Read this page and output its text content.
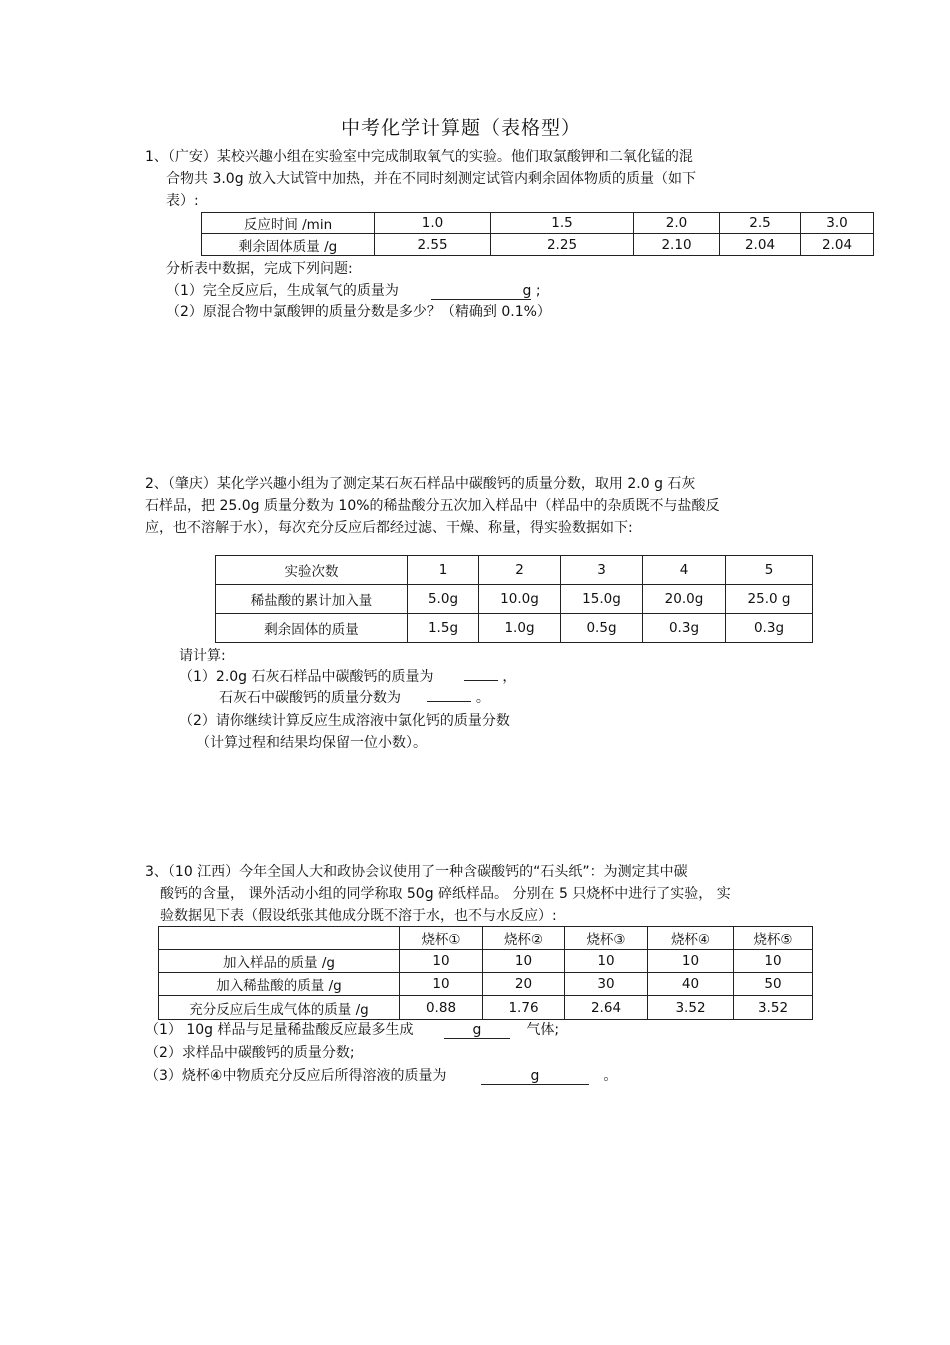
中考化学计算题（表格型）
1、（广安）某校兴趣小组在实验室中完成制取氧气的实验。他们取氯酸钾和二氧化锰的混
合物共 3.0g 放入大试管中加热，并在不同时刻测定试管内剩余固体物质的质量（如下
表）:
反应时间 /min	1.0	1.5	2.0	2.5	3.0
剩余固体质量 /g	2.55	2.25	2.10	2.04	2.04
分析表中数据，完成下列问题:
（1）完全反应后，生成氧气的质量为	g ;
（2）原混合物中氯酸钾的质量分数是多少？（精确到 0.1%）
2、（肇庆）某化学兴趣小组为了测定某石灰石样品中碳酸钙的质量分数，取用 2.0 g 石灰
石样品，把 25.0g 质量分数为 10%的稀盐酸分五次加入样品中（样品中的杂质既不与盐酸反
应，也不溶解于水），每次充分反应后都经过滤、干燥、称量，得实验数据如下:
实验次数	1	2	3	4	5
稀盐酸的累计加入量	5.0g	10.0g	15.0g	20.0g	25.0 g
剩余固体的质量	1.5g	1.0g	0.5g	0.3g	0.3g
请计算:
（1）2.0g 石灰石样品中碳酸钙的质量为	，
石灰石中碳酸钙的质量分数为	。
（2）请你继续计算反应生成溶液中氯化钙的质量分数
（计算过程和结果均保留一位小数）。
3、（10 江西）今年全国人大和政协会议使用了一种含碳酸钙的“石头纸”：为测定其中碳
酸钙的含量， 课外活动小组的同学称取 50g 碎纸样品。 分别在 5 只烧杯中进行了实验， 实
验数据见下表（假设纸张其他成分既不溶于水，也不与水反应）:
	烧杯①	烧杯②	烧杯③	烧杯④	烧杯⑤
加入样品的质量 /g	10	10	10	10	10
加入稀盐酸的质量 /g	10	20	30	40	50
充分反应后生成气体的质量 /g	0.88	1.76	2.64	3.52	3.52
（1） 10g 样品与足量稀盐酸反应最多生成	g	气体;
（2）求样品中碳酸钙的质量分数;
（3）烧杯④中物质充分反应后所得溶液的质量为	g	。
